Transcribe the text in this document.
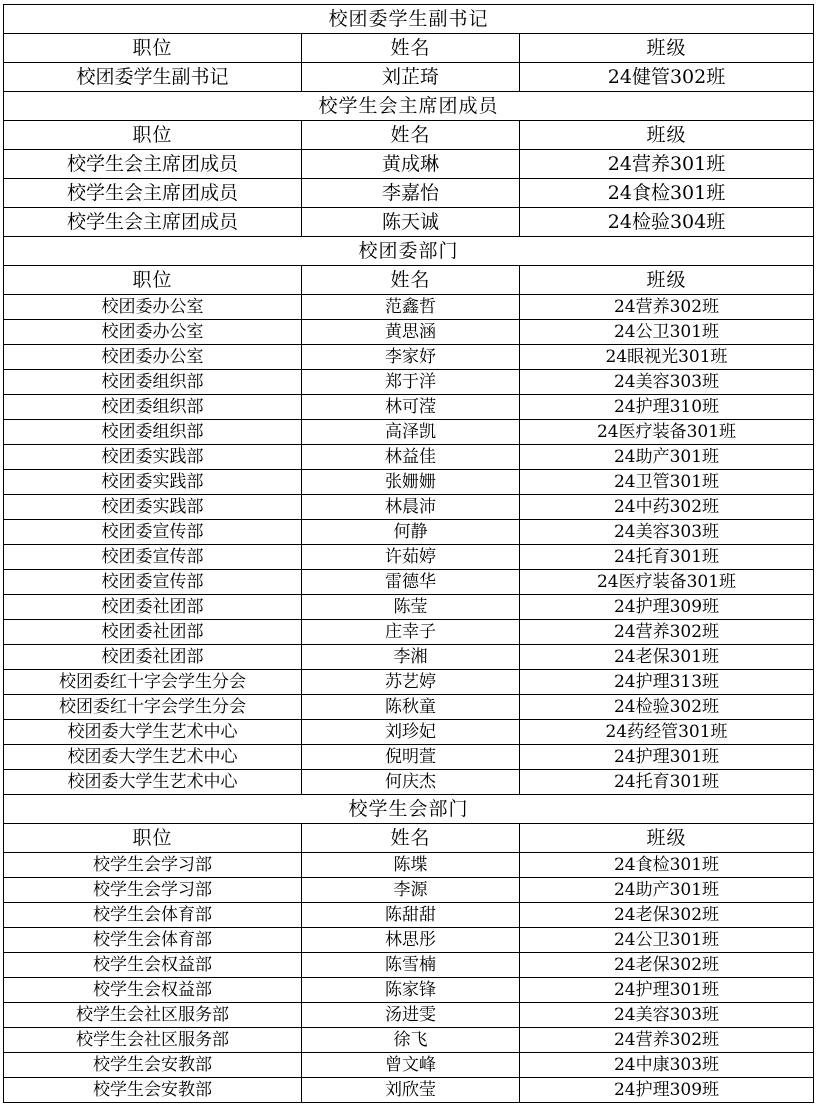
校团委学生副书记		
职位	姓名	班级
校团委学生副书记	刘芷琦	24健管302班
校学生会主席团成员		
职位	姓名	班级
校学生会主席团成员	黄成琳	24营养301班
校学生会主席团成员	李嘉怡	24食检301班
校学生会主席团成员	陈天诚	24检验304班
校团委部门		
职位	姓名	班级
校团委办公室	范鑫哲	24营养302班
校团委办公室	黄思涵	24公卫301班
校团委办公室	李家妤	24眼视光301班
校团委组织部	郑于洋	24美容303班
校团委组织部	林可滢	24护理310班
校团委组织部	高泽凯	24医疗装备301班
校团委实践部	林益佳	24助产301班
校团委实践部	张姗姗	24卫管301班
校团委实践部	林晨沛	24中药302班
校团委宣传部	何静	24美容303班
校团委宣传部	许茹婷	24托育301班
校团委宣传部	雷德华	24医疗装备301班
校团委社团部	陈莹	24护理309班
校团委社团部	庄幸子	24营养302班
校团委社团部	李湘	24老保301班
校团委红十字会学生分会	苏艺婷	24护理313班
校团委红十字会学生分会	陈秋童	24检验302班
校团委大学生艺术中心	刘珍妃	24药经管301班
校团委大学生艺术中心	倪明萱	24护理301班
校团委大学生艺术中心	何庆杰	24托育301班
校学生会部门		
职位	姓名	班级
校学生会学习部	陈堞	24食检301班
校学生会学习部	李源	24助产301班
校学生会体育部	陈甜甜	24老保302班
校学生会体育部	林思彤	24公卫301班
校学生会权益部	陈雪楠	24老保302班
校学生会权益部	陈家锋	24护理301班
校学生会社区服务部	汤进雯	24美容303班
校学生会社区服务部	徐飞	24营养302班
校学生会安教部	曾文峰	24中康303班
校学生会安教部	刘欣莹	24护理309班
